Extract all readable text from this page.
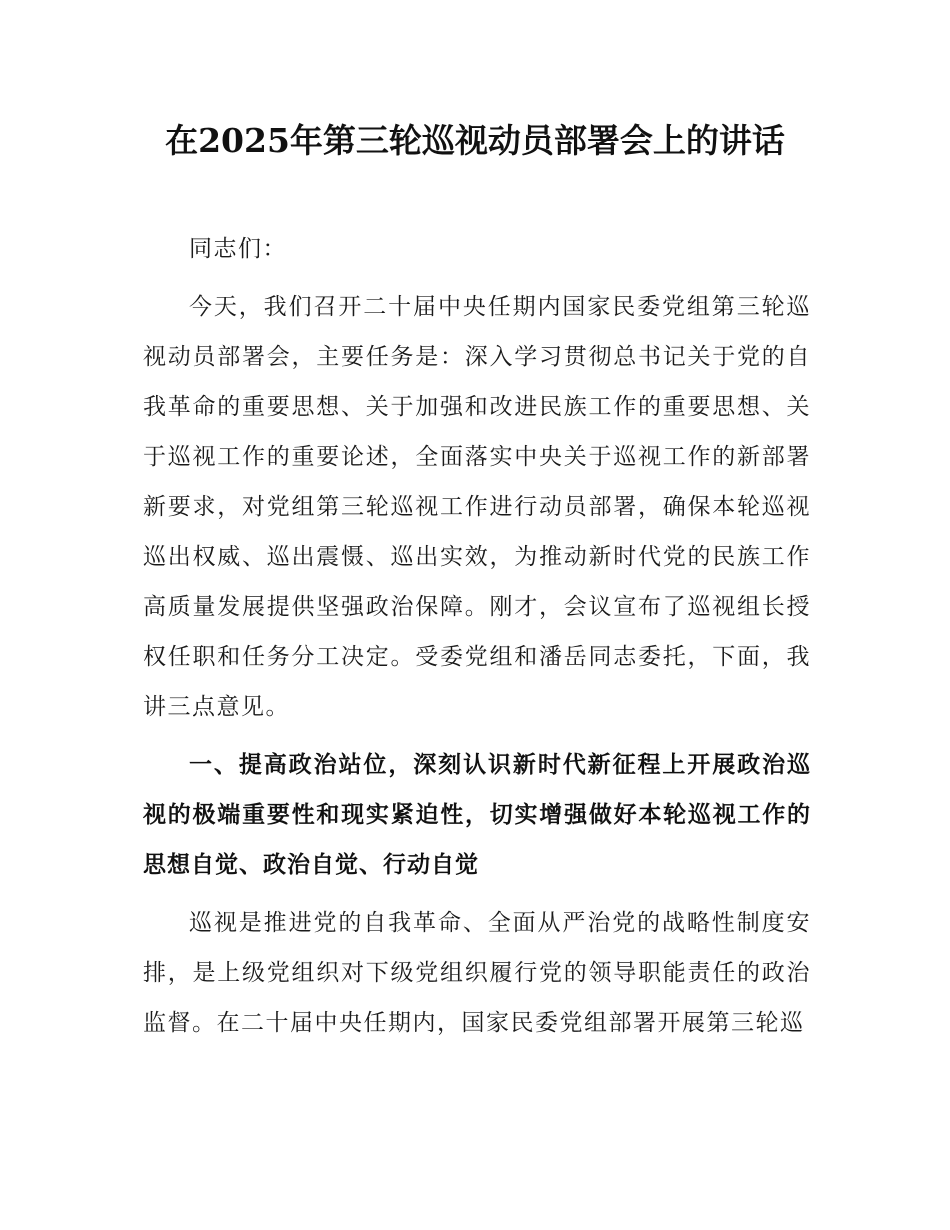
在2025年第三轮巡视动员部署会上的讲话

同志们：

今天，我们召开二十届中央任期内国家民委党组第三轮巡视动员部署会，主要任务是：深入学习贯彻总书记关于党的自我革命的重要思想、关于加强和改进民族工作的重要思想、关于巡视工作的重要论述，全面落实中央关于巡视工作的新部署新要求，对党组第三轮巡视工作进行动员部署，确保本轮巡视巡出权威、巡出震慑、巡出实效，为推动新时代党的民族工作高质量发展提供坚强政治保障。刚才，会议宣布了巡视组长授权任职和任务分工决定。受委党组和潘岳同志委托，下面，我讲三点意见。

一、提高政治站位，深刻认识新时代新征程上开展政治巡视的极端重要性和现实紧迫性，切实增强做好本轮巡视工作的思想自觉、政治自觉、行动自觉

巡视是推进党的自我革命、全面从严治党的战略性制度安排，是上级党组织对下级党组织履行党的领导职能责任的政治监督。在二十届中央任期内，国家民委党组部署开展第三轮巡
